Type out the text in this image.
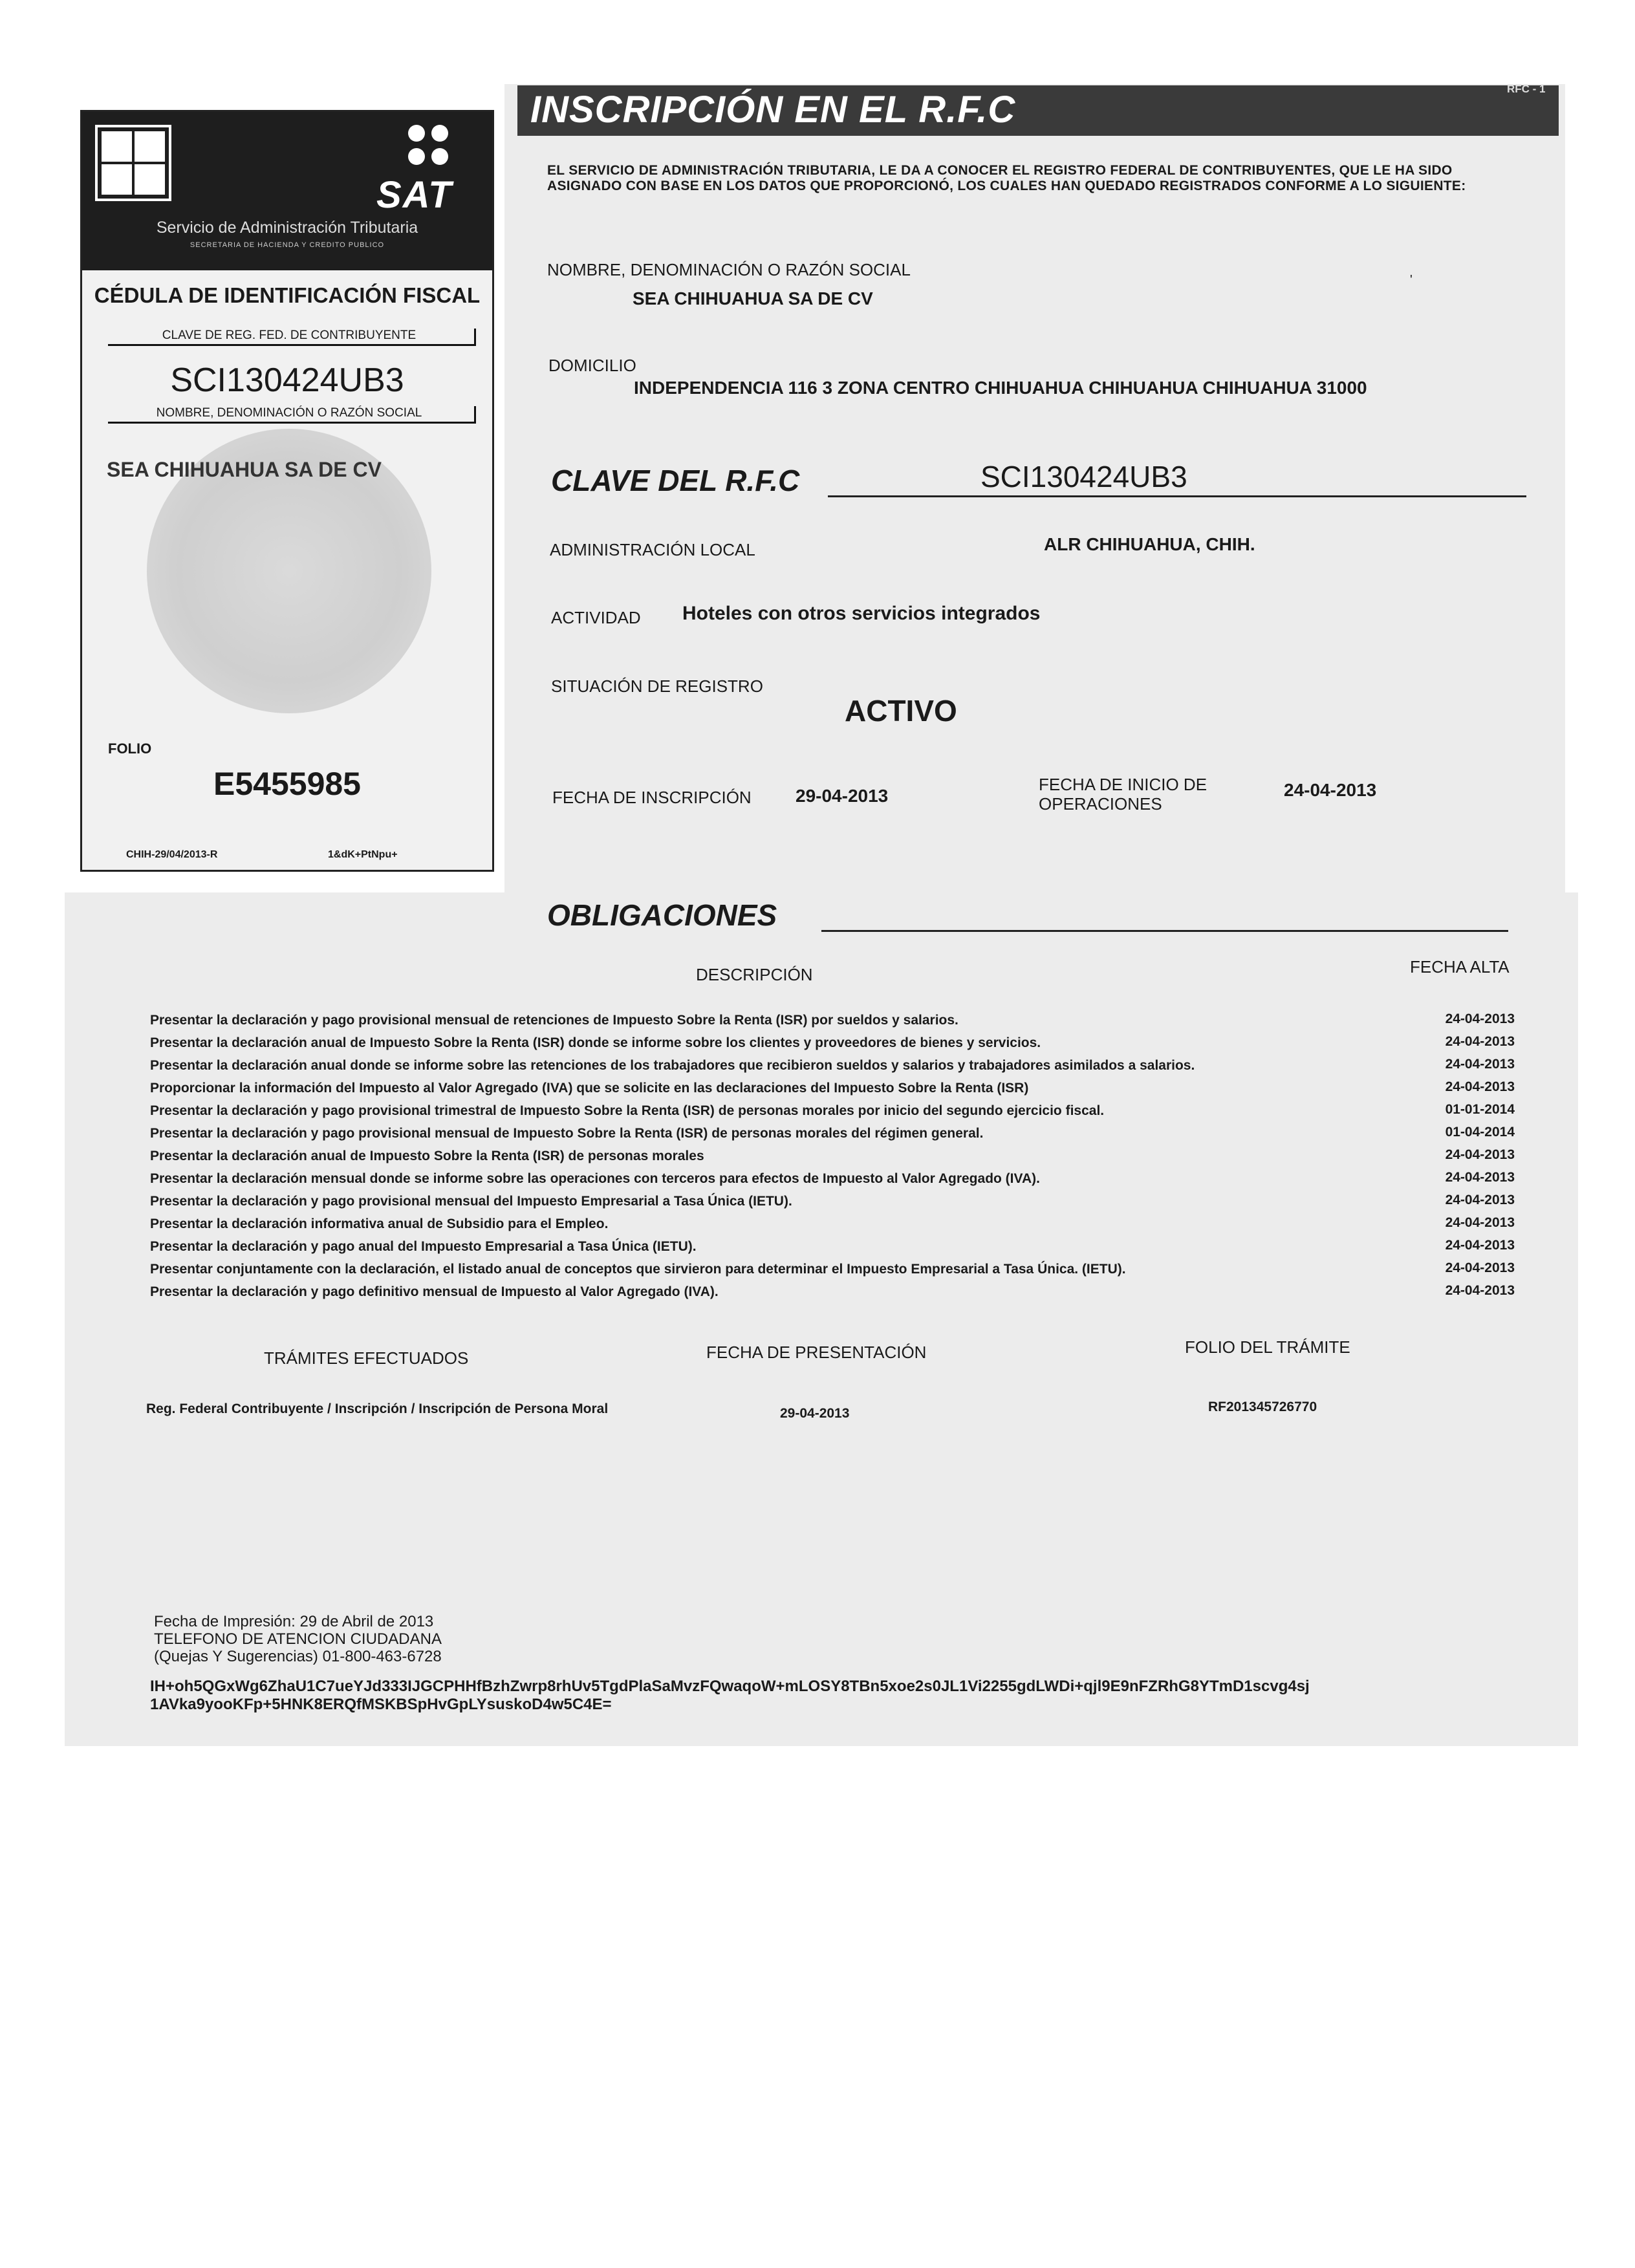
SAT
Servicio de Administración Tributaria
SECRETARIA DE HACIENDA Y CREDITO PUBLICO
CÉDULA DE IDENTIFICACIÓN FISCAL
CLAVE DE REG. FED. DE CONTRIBUYENTE
SCI130424UB3
NOMBRE, DENOMINACIÓN O RAZÓN SOCIAL
SEA CHIHUAHUA SA DE CV
FOLIO
E5455985
CHIH-29/04/2013-R	1&dK+PtNpu+
INSCRIPCIÓN EN EL R.F.C	RFC - 1
EL SERVICIO DE ADMINISTRACIÓN TRIBUTARIA, LE DA A CONOCER EL REGISTRO FEDERAL DE CONTRIBUYENTES, QUE LE HA SIDO ASIGNADO CON BASE EN LOS DATOS QUE PROPORCIONÓ, LOS CUALES HAN QUEDADO REGISTRADOS CONFORME A LO SIGUIENTE:
NOMBRE, DENOMINACIÓN O RAZÓN SOCIAL
SEA CHIHUAHUA SA DE CV
'
DOMICILIO
INDEPENDENCIA 116 3 ZONA CENTRO CHIHUAHUA CHIHUAHUA CHIHUAHUA 31000
CLAVE DEL R.F.C	SCI130424UB3
ADMINISTRACIÓN LOCAL	ALR CHIHUAHUA, CHIH.
ACTIVIDAD Hoteles con otros servicios integrados
SITUACIÓN DE REGISTRO
ACTIVO
FECHA DE INSCRIPCIÓN 29-04-2013
FECHA DE INICIO DE OPERACIONES
24-04-2013
OBLIGACIONES
DESCRIPCIÓN	FECHA ALTA
Presentar la declaración y pago provisional mensual de retenciones de Impuesto Sobre la Renta (ISR) por sueldos y salarios.	24-04-2013
Presentar la declaración anual de Impuesto Sobre la Renta (ISR) donde se informe sobre los clientes y proveedores de bienes y servicios.	24-04-2013
Presentar la declaración anual donde se informe sobre las retenciones de los trabajadores que recibieron sueldos y salarios y trabajadores asimilados a salarios.	24-04-2013
Proporcionar la información del Impuesto al Valor Agregado (IVA) que se solicite en las declaraciones del Impuesto Sobre la Renta (ISR)	24-04-2013
Presentar la declaración y pago provisional trimestral de Impuesto Sobre la Renta (ISR) de personas morales por inicio del segundo ejercicio fiscal.	01-01-2014
Presentar la declaración y pago provisional mensual de Impuesto Sobre la Renta (ISR) de personas morales del régimen general.	01-04-2014
Presentar la declaración anual de Impuesto Sobre la Renta (ISR) de personas morales	24-04-2013
Presentar la declaración mensual donde se informe sobre las operaciones con terceros para efectos de Impuesto al Valor Agregado (IVA).	24-04-2013
Presentar la declaración y pago provisional mensual del Impuesto Empresarial a Tasa Única (IETU).	24-04-2013
Presentar la declaración informativa anual de Subsidio para el Empleo.	24-04-2013
Presentar la declaración y pago anual del Impuesto Empresarial a Tasa Única (IETU).	24-04-2013
Presentar conjuntamente con la declaración, el listado anual de conceptos que sirvieron para determinar el Impuesto Empresarial a Tasa Única. (IETU).	24-04-2013
Presentar la declaración y pago definitivo mensual de Impuesto al Valor Agregado (IVA).	24-04-2013
TRÁMITES EFECTUADOS	FECHA DE PRESENTACIÓN	FOLIO DEL TRÁMITE
Reg. Federal Contribuyente / Inscripción / Inscripción de Persona Moral	29-04-2013	RF201345726770
Fecha de Impresión: 29 de Abril de 2013
TELEFONO DE ATENCION CIUDADANA
(Quejas Y Sugerencias) 01-800-463-6728
IH+oh5QGxWg6ZhaU1C7ueYJd333IJGCPHHfBzhZwrp8rhUv5TgdPlaSaMvzFQwaqoW+mLOSY8TBn5xoe2s0JL1Vi2255gdLWDi+qjl9E9nFZRhG8YTmD1scvg4sj
1AVka9yooKFp+5HNK8ERQfMSKBSpHvGpLYsuskoD4w5C4E=
